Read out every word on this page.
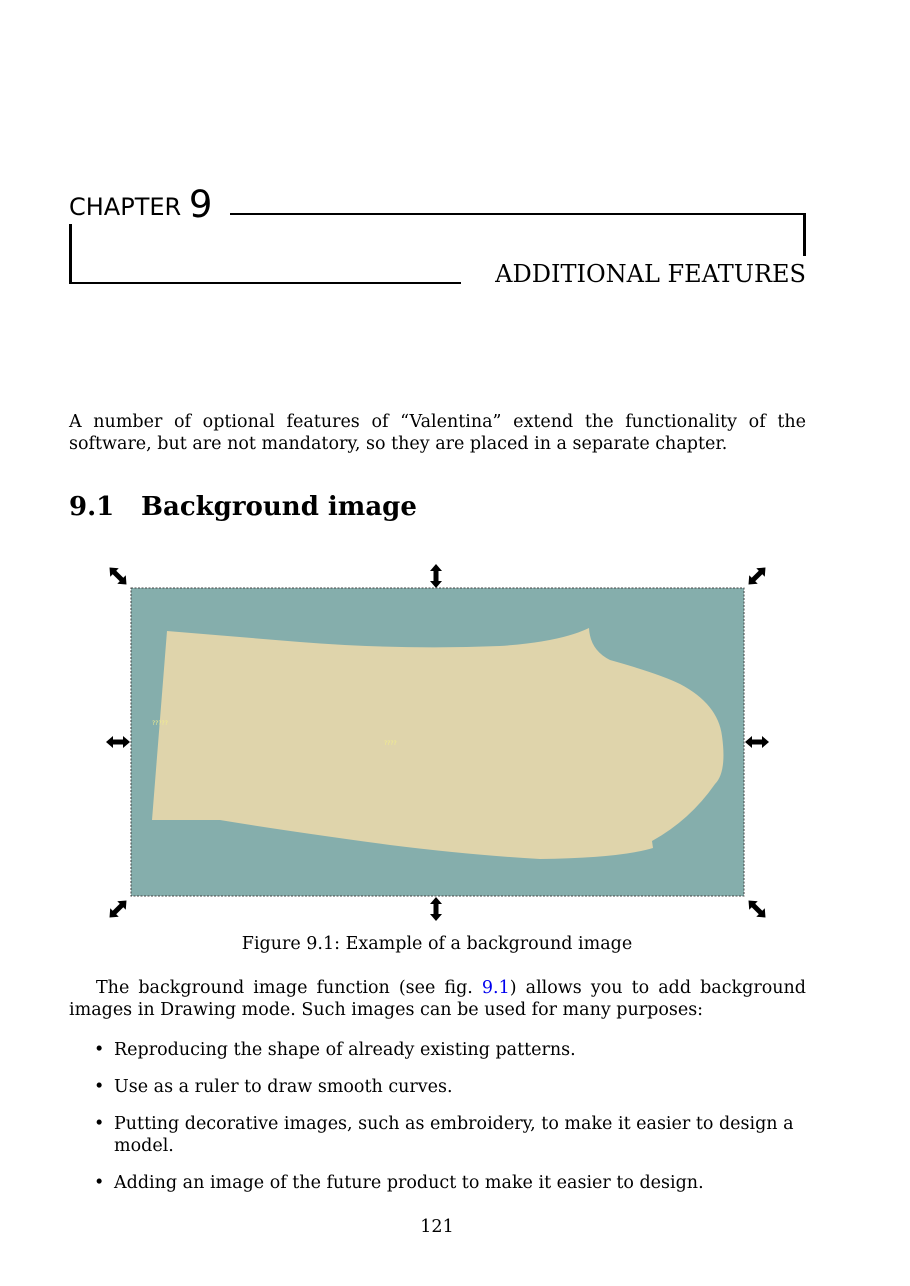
CHAPTER 9
ADDITIONAL FEATURES

A number of optional features of “Valentina” extend the functionality of the software, but are not mandatory, so they are placed in a separate chapter.

9.1 Background image
?????
????
Figure 9.1: Example of a background image

The background image function (see fig. 9.1) allows you to add background images in Drawing mode. Such images can be used for many purposes:

• Reproducing the shape of already existing patterns.
• Use as a ruler to draw smooth curves.
• Putting decorative images, such as embroidery, to make it easier to design a model.
• Adding an image of the future product to make it easier to design.
121
